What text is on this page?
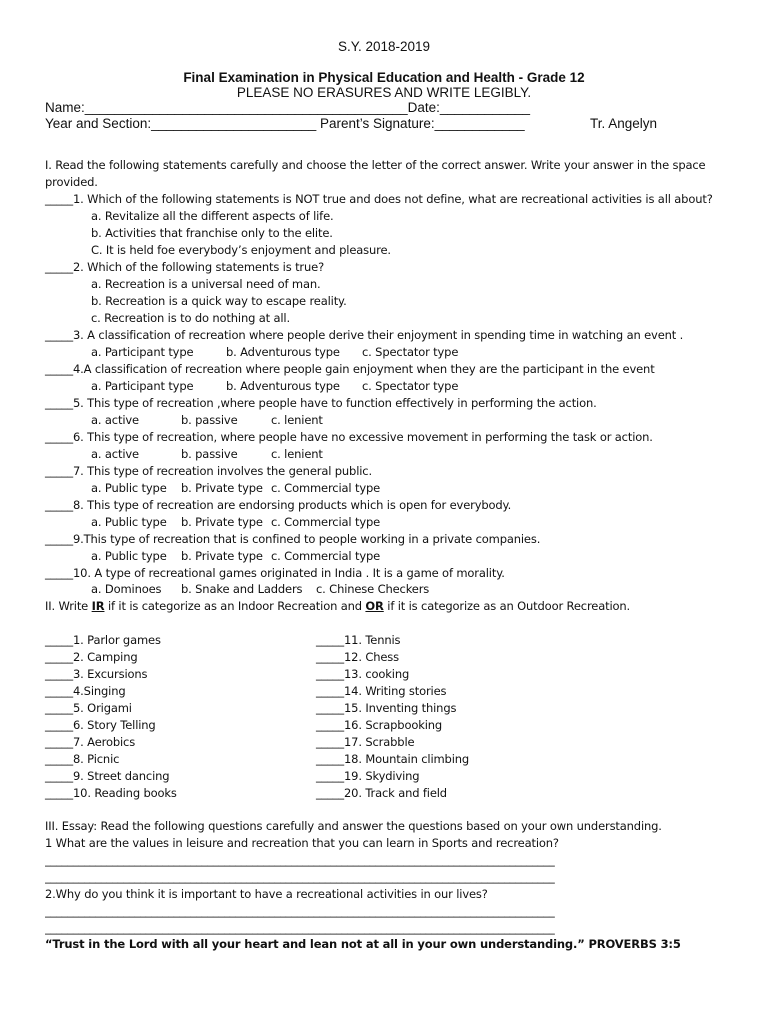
S.Y. 2018-2019
Final Examination in Physical Education and Health - Grade 12
PLEASE NO ERASURES AND WRITE LEGIBLY.
Name:___________________________________________Date:____________
Year and Section:______________________ Parent’s Signature:____________	Tr. Angelyn
I. Read the following statements carefully and choose the letter of the correct answer. Write your answer in the space
provided.
_____1. Which of the following statements is NOT true and does not define, what are recreational activities is all about?
a. Revitalize all the different aspects of life.
b. Activities that franchise only to the elite.
C. It is held foe everybody’s enjoyment and pleasure.
_____2. Which of the following statements is true?
a. Recreation is a universal need of man.
b. Recreation is a quick way to escape reality.
c. Recreation is to do nothing at all.
_____3. A classification of recreation where people derive their enjoyment in spending time in watching an event .
a. Participant type	b. Adventurous type c. Spectator type
_____4.A classification of recreation where people gain enjoyment when they are the participant in the event
a. Participant type	b. Adventurous type c. Spectator type
_____5. This type of recreation ,where people have to function effectively in performing the action.
a. active	b. passive	c. lenient
_____6. This type of recreation, where people have no excessive movement in performing the task or action.
a. active	b. passive	c. lenient
_____7. This type of recreation involves the general public.
a. Public type b. Private type c. Commercial type
_____8. This type of recreation are endorsing products which is open for everybody.
a. Public type b. Private type c. Commercial type
_____9.This type of recreation that is confined to people working in a private companies.
a. Public type b. Private type c. Commercial type
_____10. A type of recreational games originated in India . It is a game of morality.
a. Dominoes b. Snake and Ladders c. Chinese Checkers
II. Write IR if it is categorize as an Indoor Recreation and OR if it is categorize as an Outdoor Recreation.
_____1. Parlor games
_____2. Camping
_____3. Excursions
_____4.Singing
_____5. Origami
_____6. Story Telling
_____7. Aerobics
_____8. Picnic
_____9. Street dancing
_____10. Reading books
_____11. Tennis
_____12. Chess
_____13. cooking
_____14. Writing stories
_____15. Inventing things
_____16. Scrapbooking
_____17. Scrabble
_____18. Mountain climbing
_____19. Skydiving
_____20. Track and field
III. Essay: Read the following questions carefully and answer the questions based on your own understanding.
1 What are the values in leisure and recreation that you can learn in Sports and recreation?
___________________________________________________________________________________________
___________________________________________________________________________________________
2.Why do you think it is important to have a recreational activities in our lives?
___________________________________________________________________________________________
___________________________________________________________________________________________
“Trust in the Lord with all your heart and lean not at all in your own understanding.” PROVERBS 3:5
